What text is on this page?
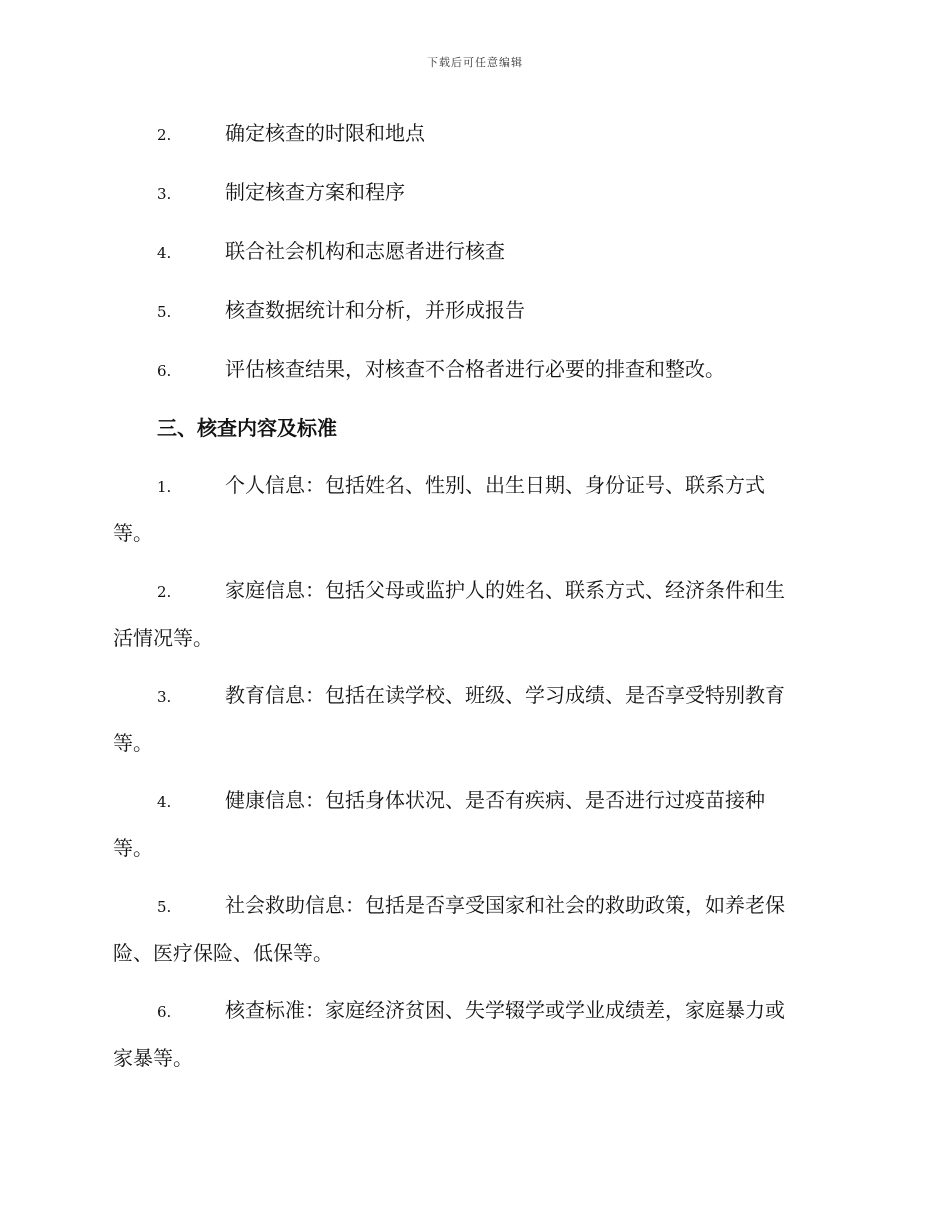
下载后可任意编辑

2.	确定核查的时限和地点

3.	制定核查方案和程序

4.	联合社会机构和志愿者进行核查

5.	核查数据统计和分析，并形成报告

6.	评估核查结果，对核查不合格者进行必要的排查和整改。

三、核查内容及标准
1.	个人信息：包括姓名、性别、出生日期、身份证号、联系方式
等。
2.	家庭信息：包括父母或监护人的姓名、联系方式、经济条件和生
活情况等。
3.	教育信息：包括在读学校、班级、学习成绩、是否享受特别教育
等。
4.	健康信息：包括身体状况、是否有疾病、是否进行过疫苗接种
等。
5.	社会救助信息：包括是否享受国家和社会的救助政策，如养老保
险、医疗保险、低保等。
6.	核查标准：家庭经济贫困、失学辍学或学业成绩差，家庭暴力或
家暴等。
